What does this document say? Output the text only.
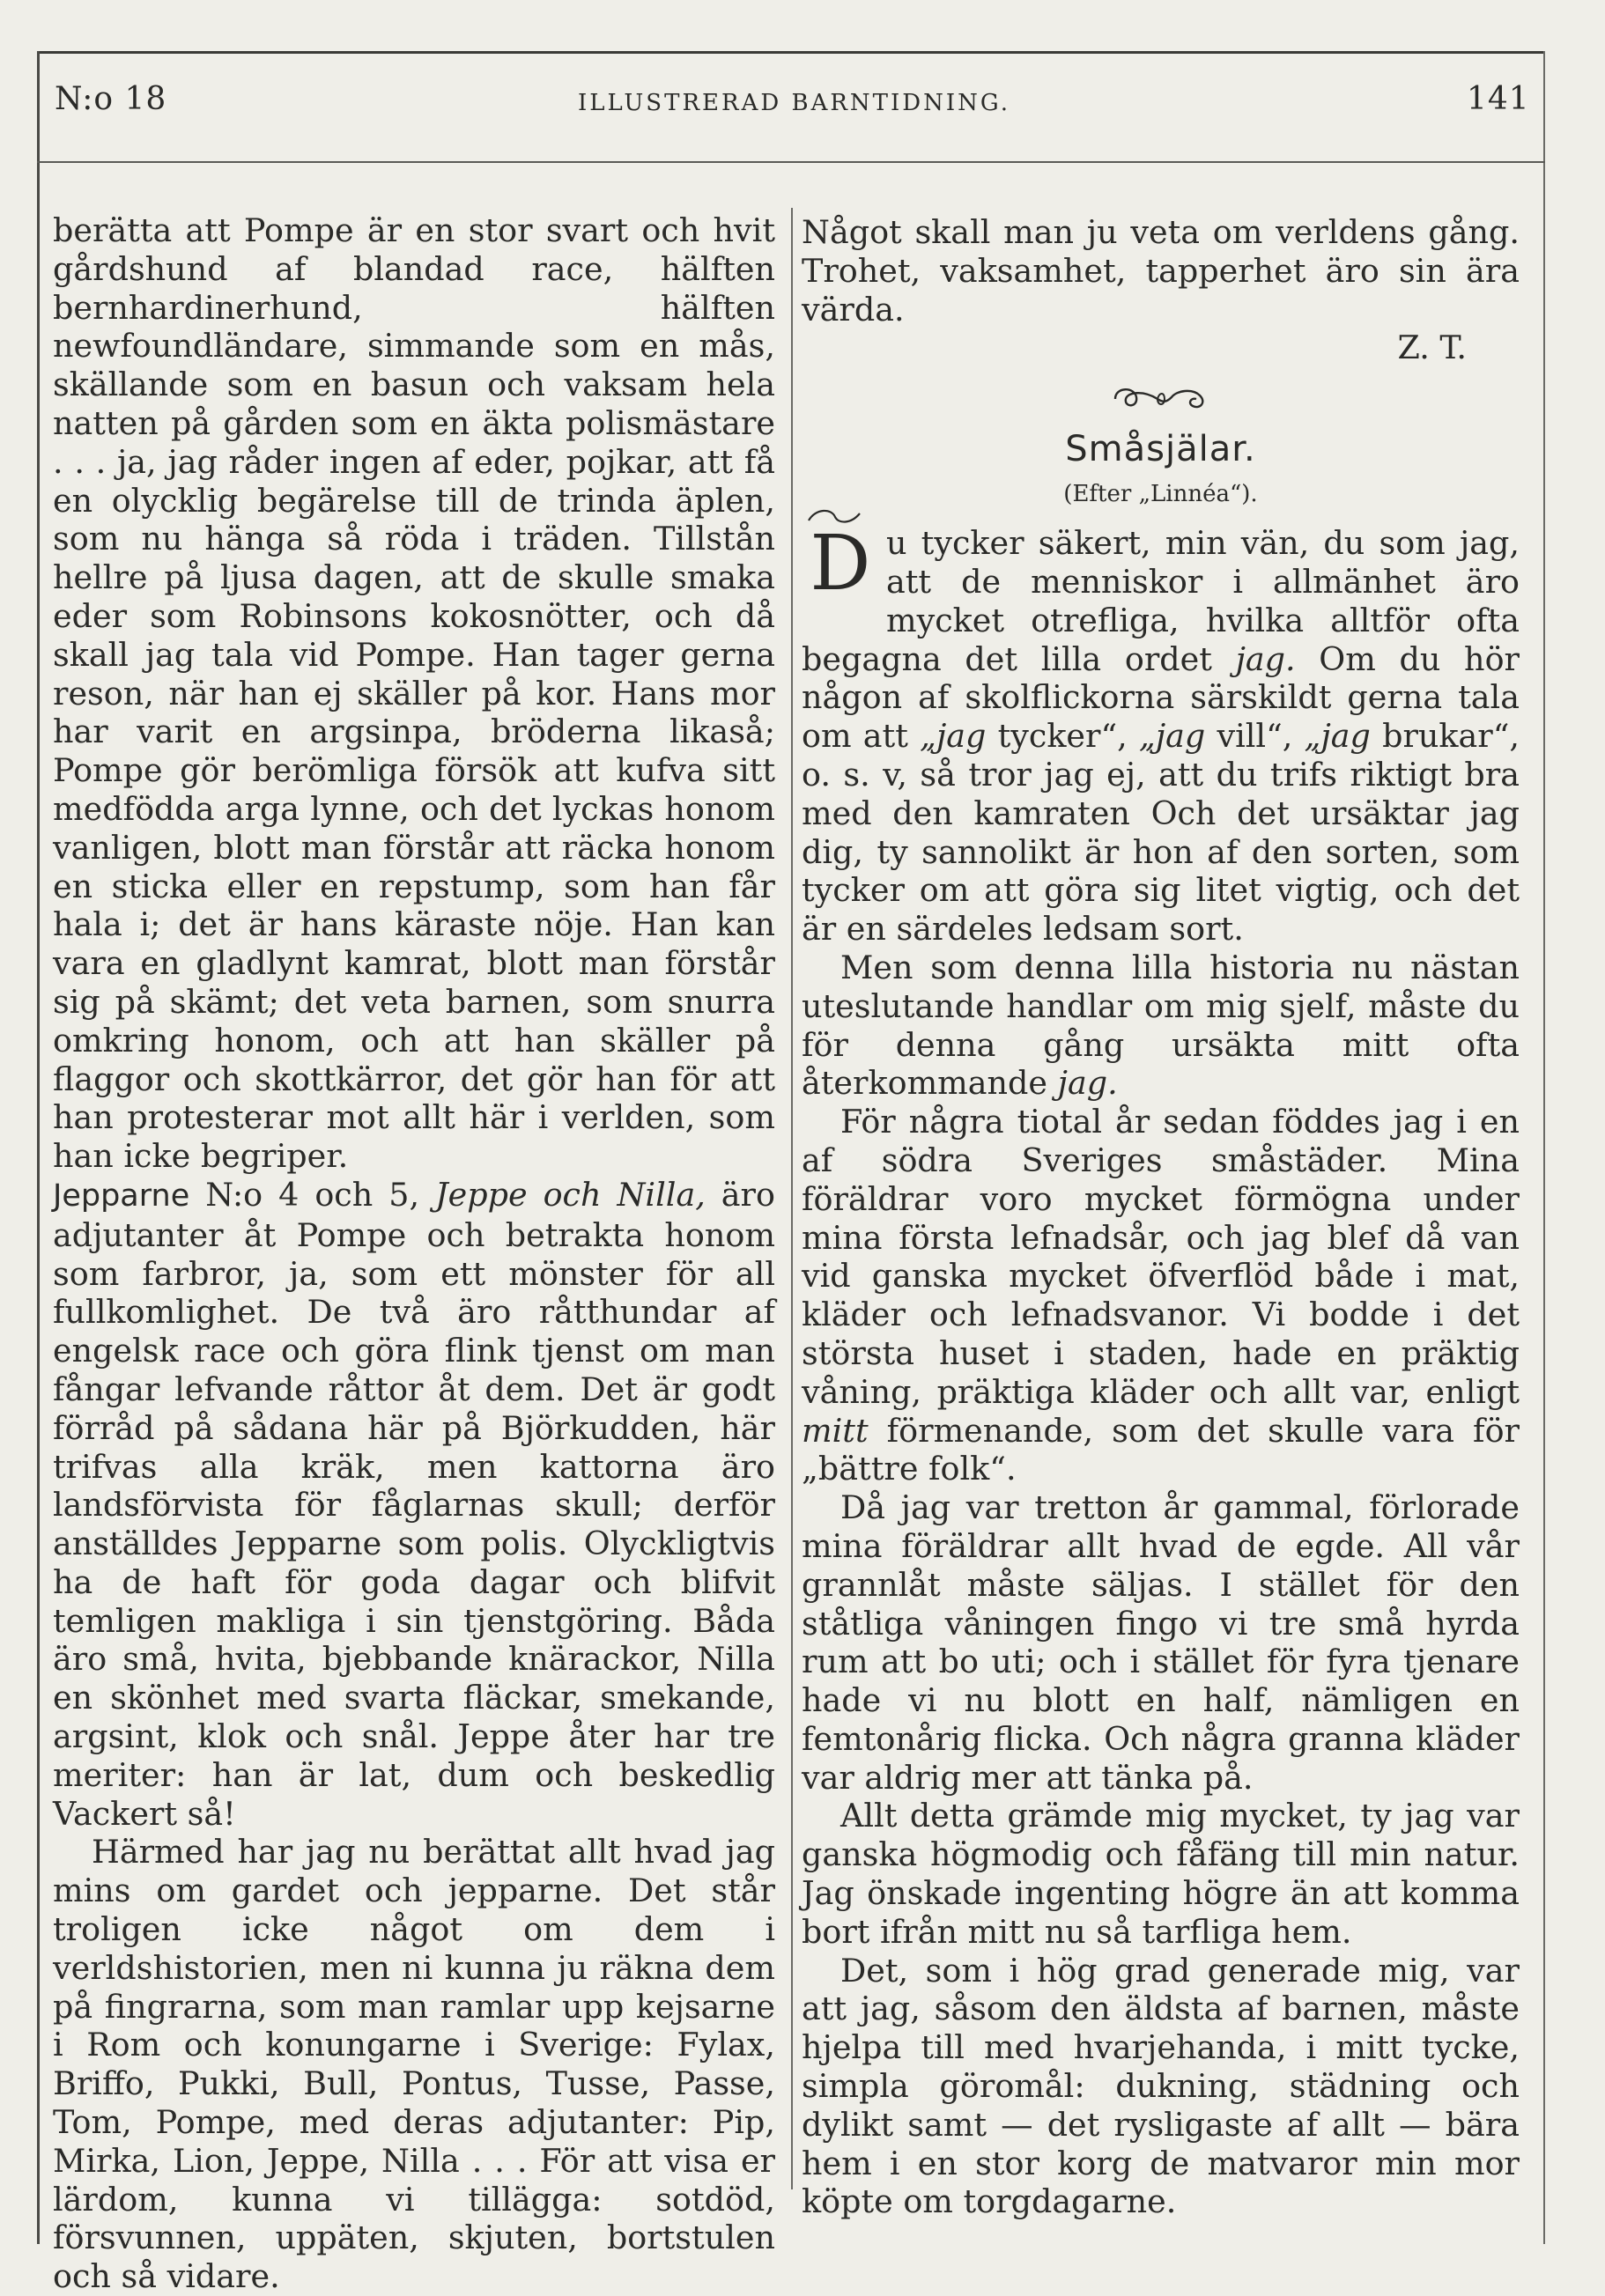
N:o 18	ILLUSTRERAD BARNTIDNING.	141

berätta att Pompe är en stor svart och hvit gårdshund af blandad race, hälften bernhardinerhund, hälften newfoundländare, simmande som en mås, skällande som en basun och vaksam hela natten på gården som en äkta polismästare . . . ja, jag råder ingen af eder, pojkar, att få en olycklig begärelse till de trinda äplen, som nu hänga så röda i träden. Tillstån hellre på ljusa dagen, att de skulle smaka eder som Robinsons kokosnötter, och då skall jag tala vid Pompe. Han tager gerna reson, när han ej skäller på kor. Hans mor har varit en argsinpa, bröderna likaså; Pompe gör berömliga försök att kufva sitt medfödda arga lynne, och det lyckas honom vanligen, blott man förstår att räcka honom en sticka eller en repstump, som han får hala i; det är hans käraste nöje. Han kan vara en gladlynt kamrat, blott man förstår sig på skämt; det veta barnen, som snurra omkring honom, och att han skäller på flaggor och skottkärror, det gör han för att han protesterar mot allt här i verlden, som han icke begriper.

Jepparne N:o 4 och 5, Jeppe och Nilla, äro adjutanter åt Pompe och betrakta honom som farbror, ja, som ett mönster för all fullkomlighet. De två äro råtthundar af engelsk race och göra flink tjenst om man fångar lefvande råttor åt dem. Det är godt förråd på sådana här på Björkudden, här trifvas alla kräk, men kattorna äro landsförvista för fåglarnas skull; derför anställdes Jepparne som polis. Olyckligtvis ha de haft för goda dagar och blifvit temligen makliga i sin tjenstgöring. Båda äro små, hvita, bjebbande knärackor, Nilla en skönhet med svarta fläckar, smekande, argsint, klok och snål. Jeppe åter har tre meriter: han är lat, dum och beskedlig Vackert så!

Härmed har jag nu berättat allt hvad jag mins om gardet och jepparne. Det står troligen icke något om dem i verldshistorien, men ni kunna ju räkna dem på fingrarna, som man ramlar upp kejsarne i Rom och konungarne i Sverige: Fylax, Briffo, Pukki, Bull, Pontus, Tusse, Passe, Tom, Pompe, med deras adjutanter: Pip, Mirka, Lion, Jeppe, Nilla . . . För att visa er lärdom, kunna vi tillägga: sotdöd, försvunnen, uppäten, skjuten, bortstulen och så vidare.

Något skall man ju veta om verldens gång. Trohet, vaksamhet, tapperhet äro sin ära värda.

Z. T.

Småsjälar.
(Efter „Linnéa“).
D u tycker säkert, min vän, du som jag, att de menniskor i allmänhet äro mycket otrefliga, hvilka alltför ofta begagna det lilla ordet jag. Om du hör någon af skolflickorna särskildt gerna tala om att „jag tycker“, „jag vill“, „jag brukar“, o. s. v, så tror jag ej, att du trifs riktigt bra med den kamraten Och det ursäktar jag dig, ty sannolikt är hon af den sorten, som tycker om att göra sig litet vigtig, och det är en särdeles ledsam sort.

Men som denna lilla historia nu nästan uteslutande handlar om mig sjelf, måste du för denna gång ursäkta mitt ofta återkommande jag.

För några tiotal år sedan föddes jag i en af södra Sveriges småstäder. Mina föräldrar voro mycket förmögna under mina första lefnadsår, och jag blef då van vid ganska mycket öfverflöd både i mat, kläder och lefnadsvanor. Vi bodde i det största huset i staden, hade en präktig våning, präktiga kläder och allt var, enligt mitt förmenande, som det skulle vara för „bättre folk“.

Då jag var tretton år gammal, förlorade mina föräldrar allt hvad de egde. All vår grannlåt måste säljas. I stället för den ståtliga våningen fingo vi tre små hyrda rum att bo uti; och i stället för fyra tjenare hade vi nu blott en half, nämligen en femtonårig flicka. Och några granna kläder var aldrig mer att tänka på.

Allt detta grämde mig mycket, ty jag var ganska högmodig och fåfäng till min natur. Jag önskade ingenting högre än att komma bort ifrån mitt nu så tarfliga hem.

Det, som i hög grad generade mig, var att jag, såsom den äldsta af barnen, måste hjelpa till med hvarjehanda, i mitt tycke, simpla göromål: dukning, städning och dylikt samt — det rysligaste af allt — bära hem i en stor korg de matvaror min mor köpte om torgdagarne.
